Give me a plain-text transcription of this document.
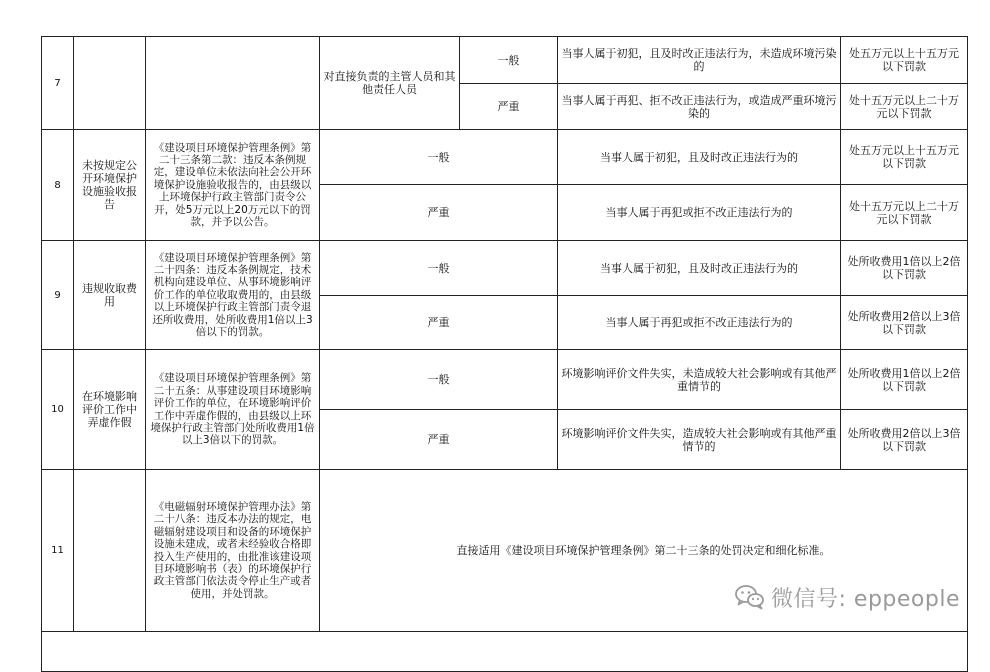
7			对直接负责的主管人员和其他责任人员	一般	当事人属于初犯，且及时改正违法行为，未造成环境污染的	处五万元以上十五万元以下罚款
				严重	当事人属于再犯、拒不改正违法行为，或造成严重环境污染的	处十五万元以上二十万元以下罚款
8	未按规定公开环境保护设施验收报告	《建设项目环境保护管理条例》第二十三条第二款：违反本条例规定，建设单位未依法向社会公开环境保护设施验收报告的，由县级以上环境保护行政主管部门责令公开，处5万元以上20万元以下的罚款，并予以公告。	一般		当事人属于初犯，且及时改正违法行为的	处五万元以上十五万元以下罚款
			严重		当事人属于再犯或拒不改正违法行为的	处十五万元以上二十万元以下罚款
9	违规收取费用	《建设项目环境保护管理条例》第二十四条：违反本条例规定，技术机构向建设单位、从事环境影响评价工作的单位收取费用的，由县级以上环境保护行政主管部门责令退还所收费用，处所收费用1倍以上3倍以下的罚款。	一般		当事人属于初犯，且及时改正违法行为的	处所收费用1倍以上2倍以下罚款
			严重		当事人属于再犯或拒不改正违法行为的	处所收费用2倍以上3倍以下罚款
10	在环境影响评价工作中弄虚作假	《建设项目环境保护管理条例》第二十五条：从事建设项目环境影响评价工作的单位，在环境影响评价工作中弄虚作假的，由县级以上环境保护行政主管部门处所收费用1倍以上3倍以下的罚款。	一般		环境影响评价文件失实，未造成较大社会影响或有其他严重情节的	处所收费用1倍以上2倍以下罚款
			严重		环境影响评价文件失实，造成较大社会影响或有其他严重情节的	处所收费用2倍以上3倍以下罚款
11		《电磁辐射环境保护管理办法》第二十八条：违反本办法的规定，电磁辐射建设项目和设备的环境保护设施未建成，或者未经验收合格即投入生产使用的，由批准该建设项目环境影响书（表）的环境保护行政主管部门依法责令停止生产或者使用，并处罚款。	直接适用《建设项目环境保护管理条例》第二十三条的处罚决定和细化标准。			

微信号: eppeople
